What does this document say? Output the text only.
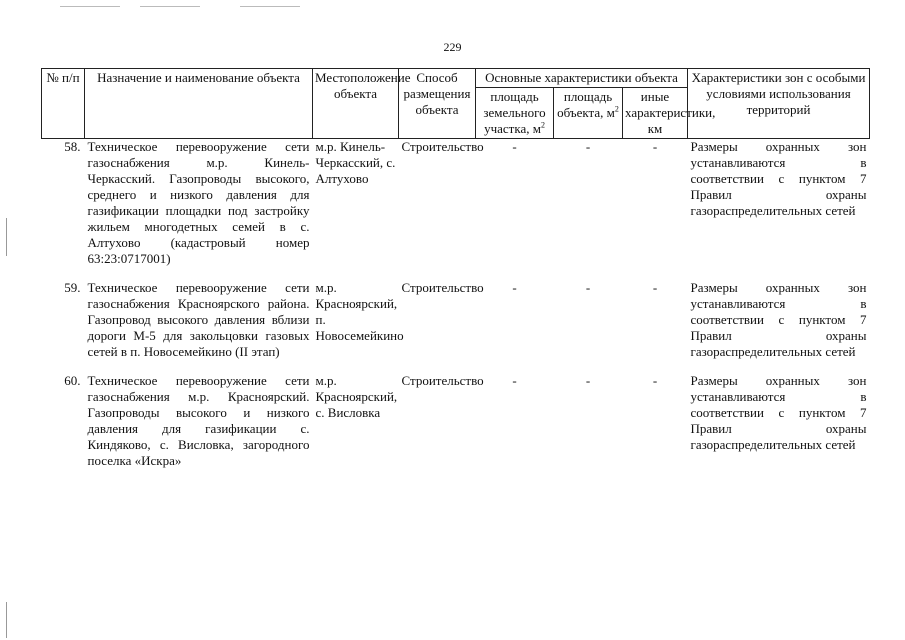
229
№ п/п	Назначение и наименование объекта	Местоположение объекта	Способ размещения объекта	Основные характеристики объекта			Характеристики зон с особыми условиями использования территорий
				площадь земельного участка, $м^2$	площадь объекта, $м^2$	иные характеристики, км	
58.	Техническое перевооружение сети газоснабжения м.р. Кинель-Черкасский. Газопроводы высокого, среднего и низкого давления для газификации площадки под застройку жильем многодетных семей в с. Алтухово (кадастровый номер 63:23:0717001)	м.р. Кинель-Черкасский, с. Алтухово	Строительство	-	-	-	Размеры охранных зон устанавливаются в соответствии с пунктом 7 Правил охраны газораспределительных сетей
59.	Техническое перевооружение сети газоснабжения Красноярского района. Газопровод высокого давления вблизи дороги М-5 для закольцовки газовых сетей в п. Новосемейкино (II этап)	м.р. Красноярский, п. Новосемейкино	Строительство	-	-	-	Размеры охранных зон устанавливаются в соответствии с пунктом 7 Правил охраны газораспределительных сетей
60.	Техническое перевооружение сети газоснабжения м.р. Красноярский. Газопроводы высокого и низкого давления для газификации с. Киндяково, с. Висловка, загородного поселка «Искра»	м.р. Красноярский, с. Висловка	Строительство	-	-	-	Размеры охранных зон устанавливаются в соответствии с пунктом 7 Правил охраны газораспределительных сетей
